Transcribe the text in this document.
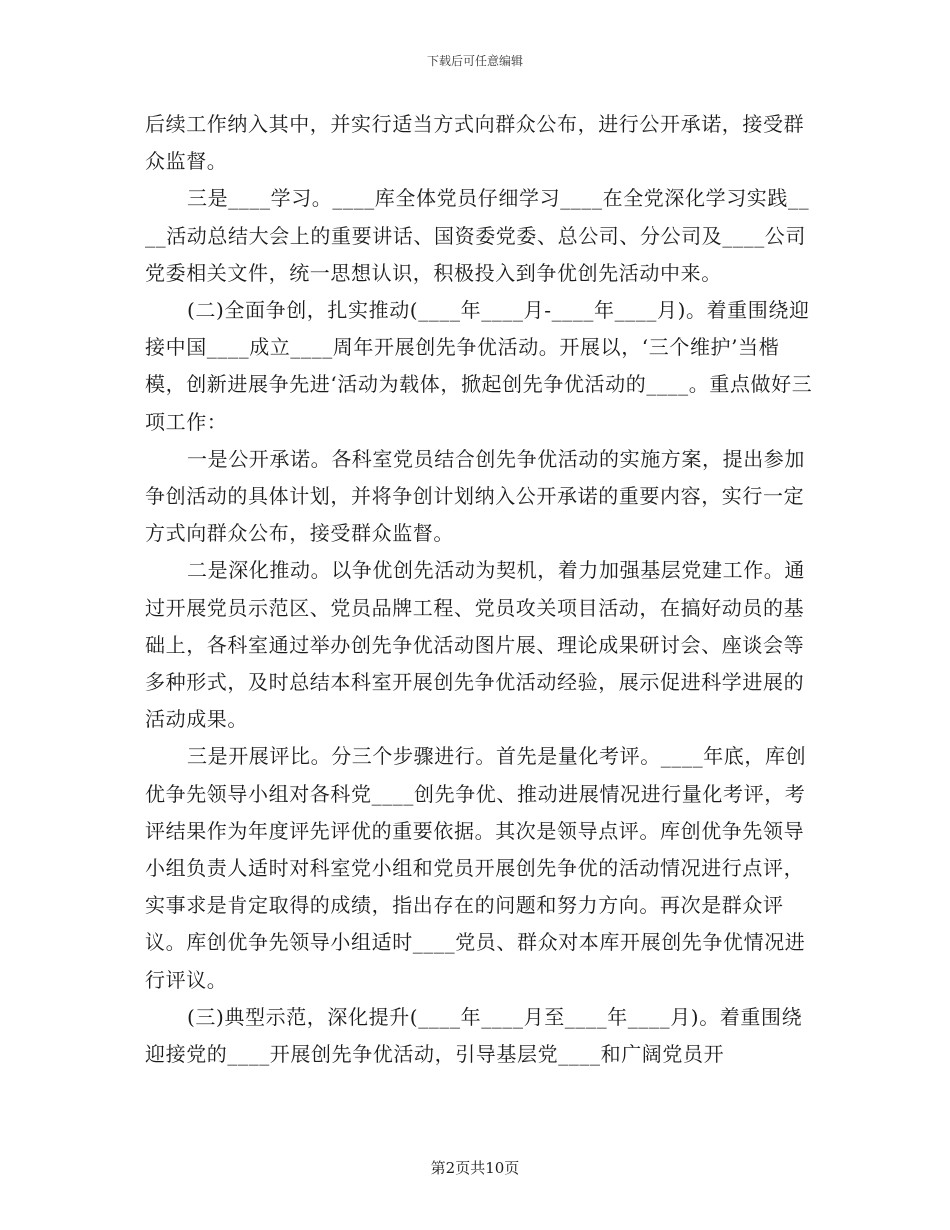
下载后可任意编辑

后续工作纳入其中，并实行适当方式向群众公布，进行公开承诺，接受群众监督。

三是____学习。____库全体党员仔细学习____在全党深化学习实践____活动总结大会上的重要讲话、国资委党委、总公司、分公司及____公司党委相关文件，统一思想认识，积极投入到争优创先活动中来。

(二)全面争创，扎实推动(____年____月-____年____月)。着重围绕迎接中国____成立____周年开展创先争优活动。开展以，‘三个维护’当楷模，创新进展争先进‘活动为载体，掀起创先争优活动的____。重点做好三项工作：

一是公开承诺。各科室党员结合创先争优活动的实施方案，提出参加争创活动的具体计划，并将争创计划纳入公开承诺的重要内容，实行一定方式向群众公布，接受群众监督。

二是深化推动。以争优创先活动为契机，着力加强基层党建工作。通过开展党员示范区、党员品牌工程、党员攻关项目活动，在搞好动员的基础上，各科室通过举办创先争优活动图片展、理论成果研讨会、座谈会等多种形式，及时总结本科室开展创先争优活动经验，展示促进科学进展的活动成果。

三是开展评比。分三个步骤进行。首先是量化考评。____年底，库创优争先领导小组对各科党____创先争优、推动进展情况进行量化考评，考评结果作为年度评先评优的重要依据。其次是领导点评。库创优争先领导小组负责人适时对科室党小组和党员开展创先争优的活动情况进行点评，实事求是肯定取得的成绩，指出存在的问题和努力方向。再次是群众评议。库创优争先领导小组适时____党员、群众对本库开展创先争优情况进行评议。

(三)典型示范，深化提升(____年____月至____年____月)。着重围绕迎接党的____开展创先争优活动，引导基层党____和广阔党员开

第2页共10页
